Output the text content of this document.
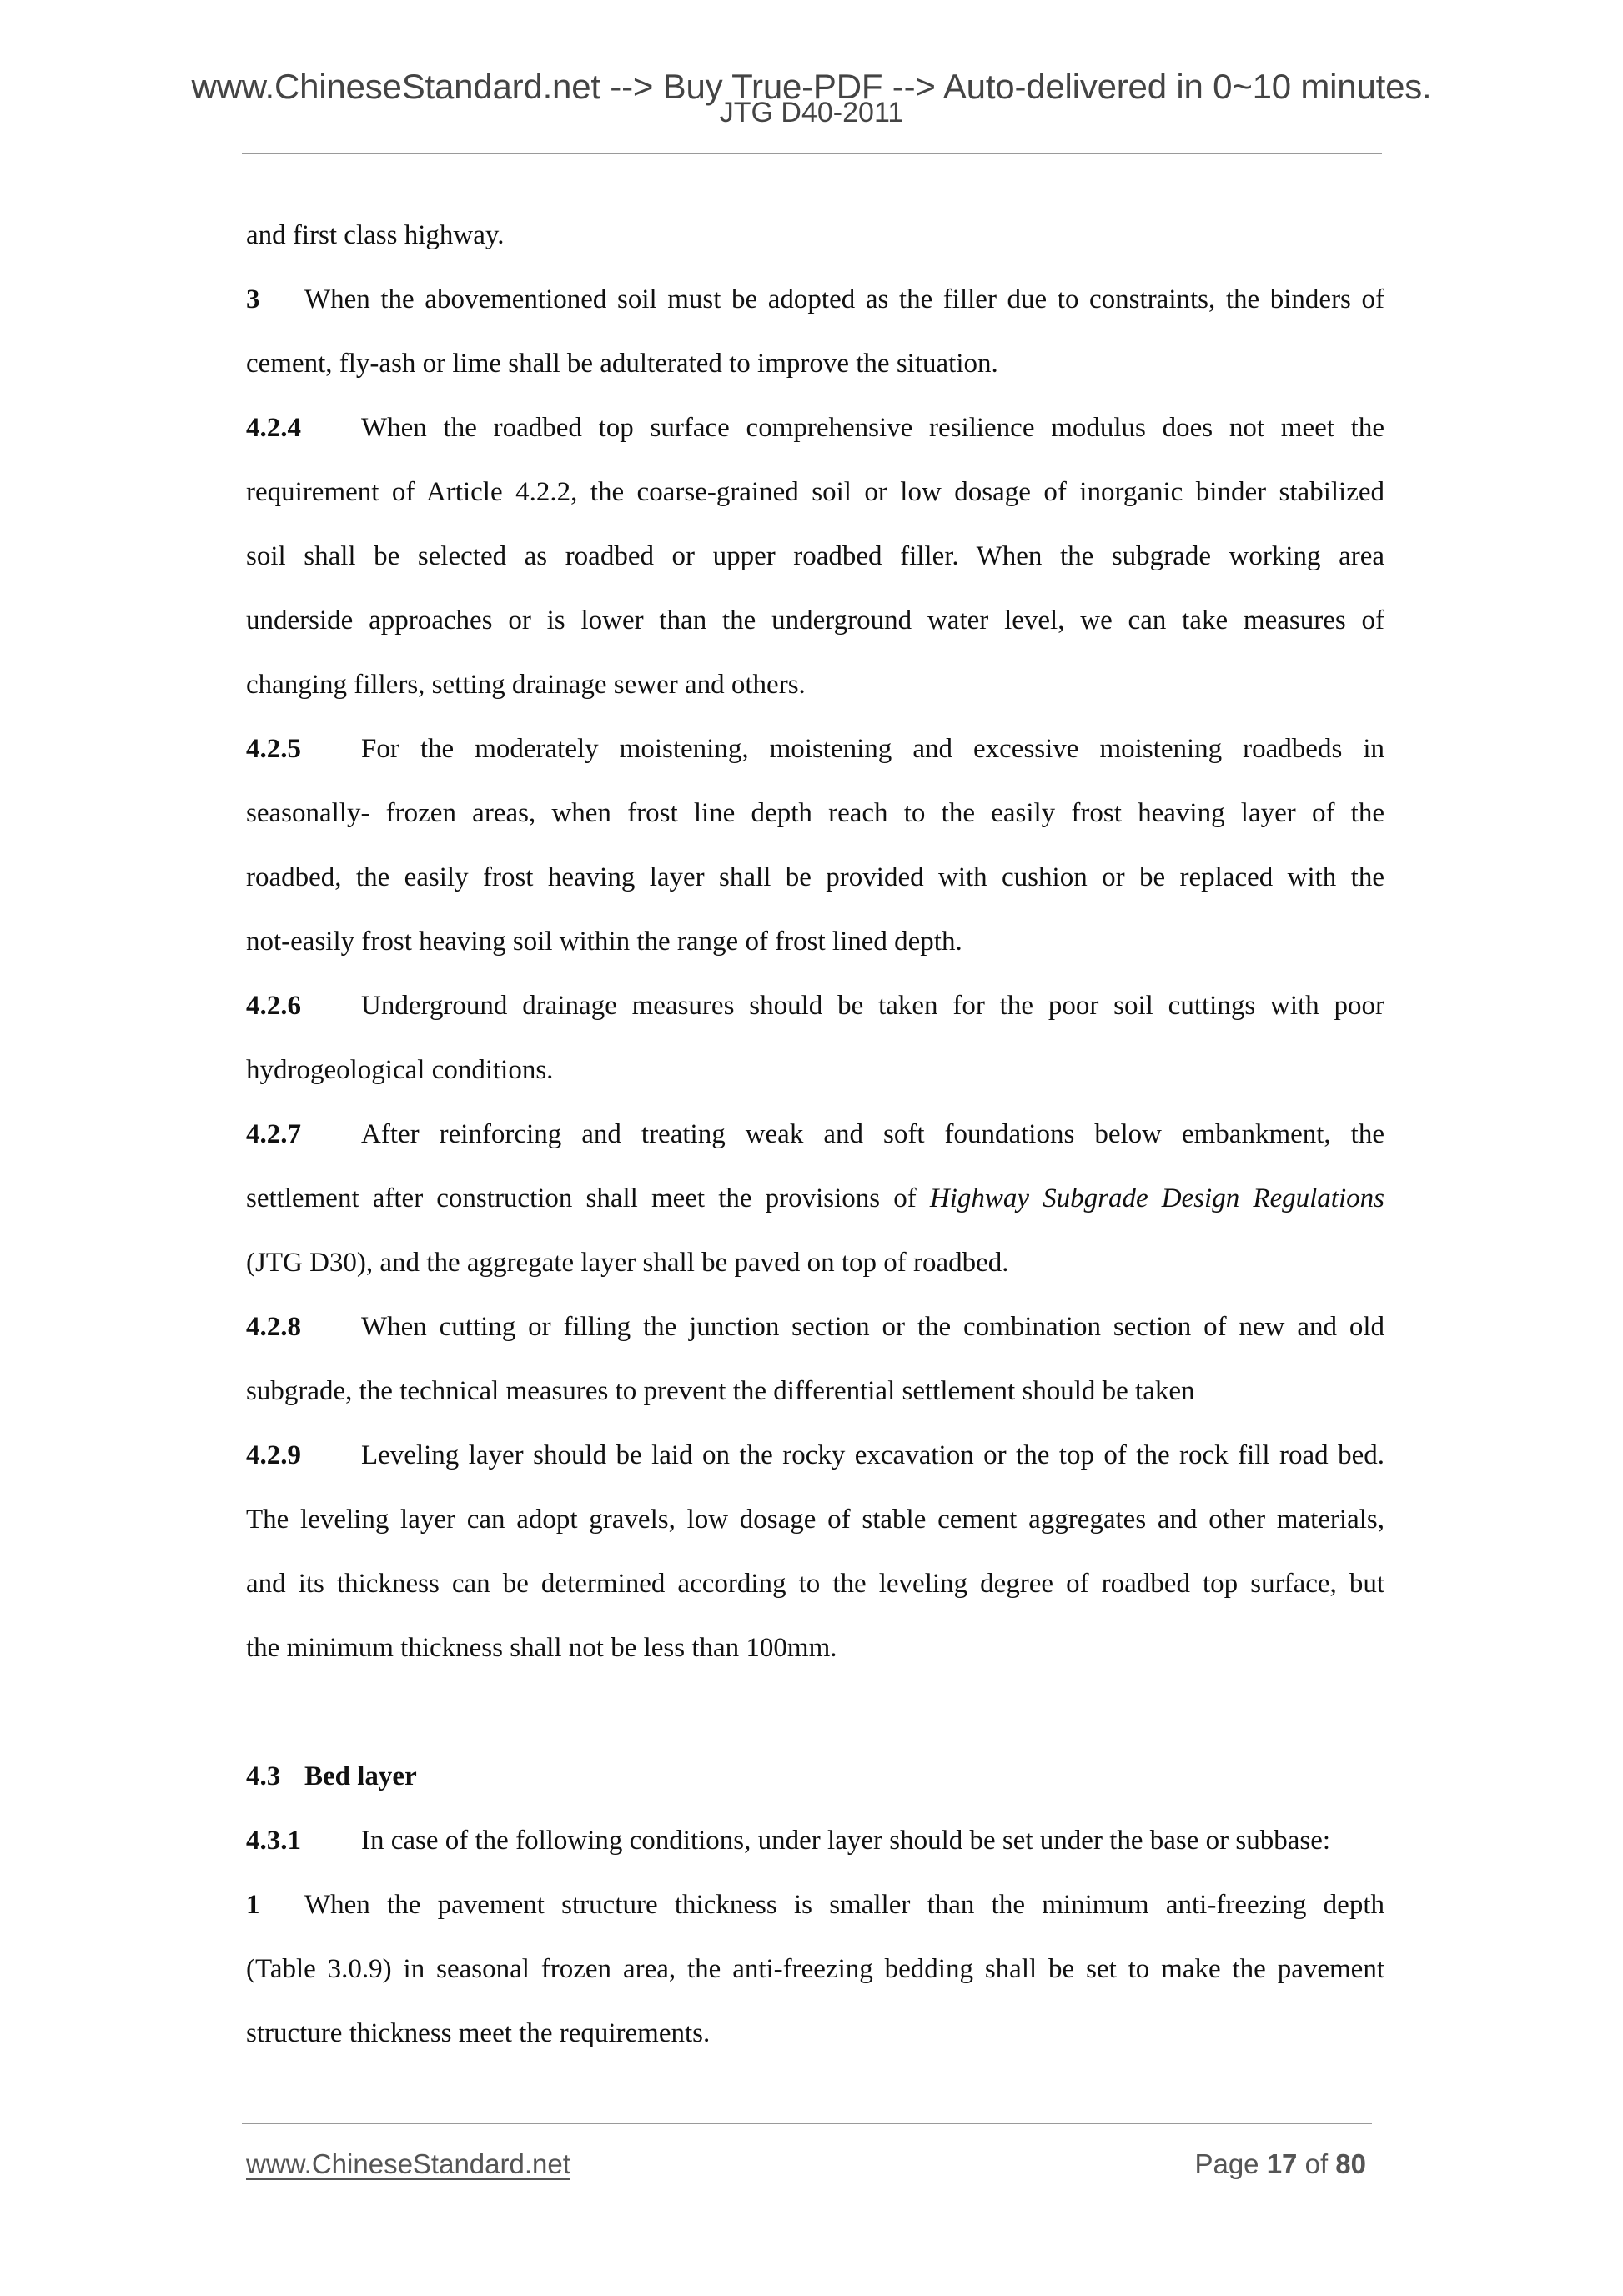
www.ChineseStandard.net --> Buy True-PDF --> Auto-delivered in 0~10 minutes.
JTG D40-2011
and first class highway.
3 When the abovementioned soil must be adopted as the filler due to constraints, the binders of
cement, fly-ash or lime shall be adulterated to improve the situation.
4.2.4 When the roadbed top surface comprehensive resilience modulus does not meet the
requirement of Article 4.2.2, the coarse-grained soil or low dosage of inorganic binder stabilized
soil shall be selected as roadbed or upper roadbed filler. When the subgrade working area
underside approaches or is lower than the underground water level, we can take measures of
changing fillers, setting drainage sewer and others.
4.2.5 For the moderately moistening, moistening and excessive moistening roadbeds in
seasonally- frozen areas, when frost line depth reach to the easily frost heaving layer of the
roadbed, the easily frost heaving layer shall be provided with cushion or be replaced with the
not-easily frost heaving soil within the range of frost lined depth.
4.2.6 Underground drainage measures should be taken for the poor soil cuttings with poor
hydrogeological conditions.
4.2.7 After reinforcing and treating weak and soft foundations below embankment, the
settlement after construction shall meet the provisions of Highway Subgrade Design Regulations
(JTG D30), and the aggregate layer shall be paved on top of roadbed.
4.2.8 When cutting or filling the junction section or the combination section of new and old
subgrade, the technical measures to prevent the differential settlement should be taken
4.2.9 Leveling layer should be laid on the rocky excavation or the top of the rock fill road bed.
The leveling layer can adopt gravels, low dosage of stable cement aggregates and other materials,
and its thickness can be determined according to the leveling degree of roadbed top surface, but
the minimum thickness shall not be less than 100mm.
4.3 Bed layer
4.3.1 In case of the following conditions, under layer should be set under the base or subbase:
1 When the pavement structure thickness is smaller than the minimum anti-freezing depth
(Table 3.0.9) in seasonal frozen area, the anti-freezing bedding shall be set to make the pavement
structure thickness meet the requirements.
www.ChineseStandard.net	Page 17 of 80
